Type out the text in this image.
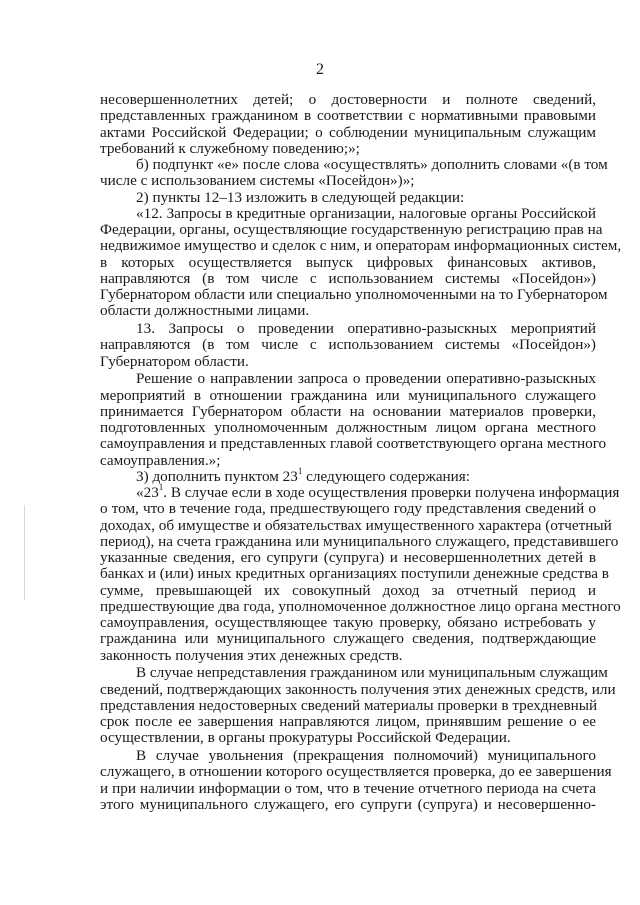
2
несовершеннолетних детей; о достоверности и полноте сведений,
представленных гражданином в соответствии с нормативными правовыми
актами Российской Федерации; о соблюдении муниципальным служащим
требований к служебному поведению;»;
б) подпункт «е» после слова «осуществлять» дополнить словами «(в том
числе с использованием системы «Посейдон»)»;
2) пункты 12–13 изложить в следующей редакции:
«12. Запросы в кредитные организации, налоговые органы Российской
Федерации, органы, осуществляющие государственную регистрацию прав на
недвижимое имущество и сделок с ним, и операторам информационных систем,
в которых осуществляется выпуск цифровых финансовых активов,
направляются (в том числе с использованием системы «Посейдон»)
Губернатором области или специально уполномоченными на то Губернатором
области должностными лицами.
13. Запросы о проведении оперативно-разыскных мероприятий
направляются (в том числе с использованием системы «Посейдон»)
Губернатором области.
Решение о направлении запроса о проведении оперативно-разыскных
мероприятий в отношении гражданина или муниципального служащего
принимается Губернатором области на основании материалов проверки,
подготовленных уполномоченным должностным лицом органа местного
самоуправления и представленных главой соответствующего органа местного
самоуправления.»;
3) дополнить пунктом $23^1$ следующего содержания:
«$23^1$. В случае если в ходе осуществления проверки получена информация
о том, что в течение года, предшествующего году представления сведений о
доходах, об имуществе и обязательствах имущественного характера (отчетный
период), на счета гражданина или муниципального служащего, представившего
указанные сведения, его супруги (супруга) и несовершеннолетних детей в
банках и (или) иных кредитных организациях поступили денежные средства в
сумме, превышающей их совокупный доход за отчетный период и
предшествующие два года, уполномоченное должностное лицо органа местного
самоуправления, осуществляющее такую проверку, обязано истребовать у
гражданина или муниципального служащего сведения, подтверждающие
законность получения этих денежных средств.
В случае непредставления гражданином или муниципальным служащим
сведений, подтверждающих законность получения этих денежных средств, или
представления недостоверных сведений материалы проверки в трехдневный
срок после ее завершения направляются лицом, принявшим решение о ее
осуществлении, в органы прокуратуры Российской Федерации.
В случае увольнения (прекращения полномочий) муниципального
служащего, в отношении которого осуществляется проверка, до ее завершения
и при наличии информации о том, что в течение отчетного периода на счета
этого муниципального служащего, его супруги (супруга) и несовершенно-
